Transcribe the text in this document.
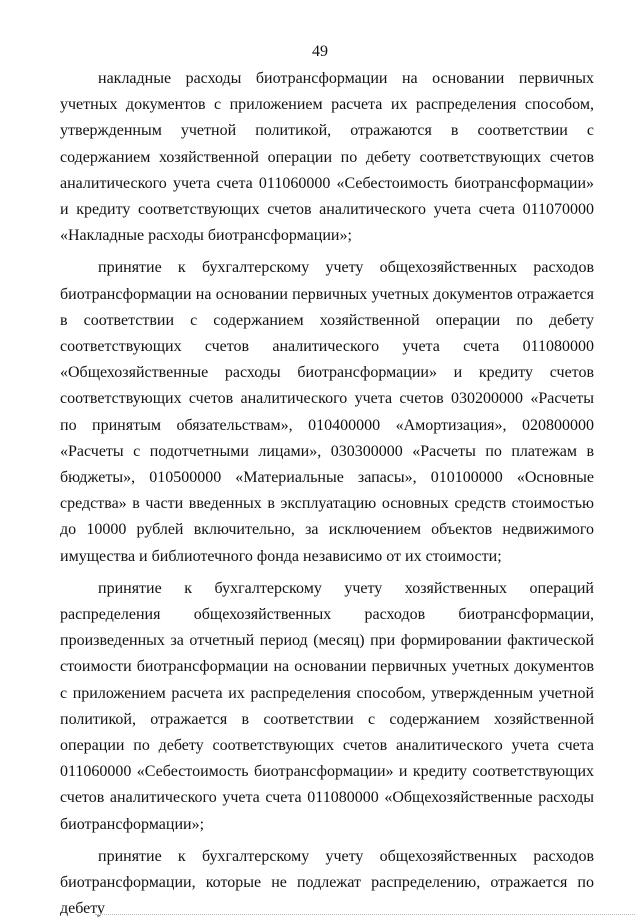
49

накладные расходы биотрансформации на основании первичных учетных документов с приложением расчета их распределения способом, утвержденным учетной политикой, отражаются в соответствии с содержанием хозяйственной операции по дебету соответствующих счетов аналитического учета счета 011060000 «Себестоимость биотрансформации» и кредиту соответствующих счетов аналитического учета счета 011070000 «Накладные расходы биотрансформации»;

принятие к бухгалтерскому учету общехозяйственных расходов биотрансформации на основании первичных учетных документов отражается в соответствии с содержанием хозяйственной операции по дебету соответствующих счетов аналитического учета счета 011080000 «Общехозяйственные расходы биотрансформации» и кредиту счетов соответствующих счетов аналитического учета счетов 030200000 «Расчеты по принятым обязательствам», 010400000 «Амортизация», 020800000 «Расчеты с подотчетными лицами», 030300000 «Расчеты по платежам в бюджеты», 010500000 «Материальные запасы», 010100000 «Основные средства» в части введенных в эксплуатацию основных средств стоимостью до 10000 рублей включительно, за исключением объектов недвижимого имущества и библиотечного фонда независимо от их стоимости;

принятие к бухгалтерскому учету хозяйственных операций распределения общехозяйственных расходов биотрансформации, произведенных за отчетный период (месяц) при формировании фактической стоимости биотрансформации на основании первичных учетных документов с приложением расчета их распределения способом, утвержденным учетной политикой, отражается в соответствии с содержанием хозяйственной операции по дебету соответствующих счетов аналитического учета счета 011060000 «Себестоимость биотрансформации» и кредиту соответствующих счетов аналитического учета счета 011080000 «Общехозяйственные расходы биотрансформации»;

принятие к бухгалтерскому учету общехозяйственных расходов биотрансформации, которые не подлежат распределению, отражается по дебету
